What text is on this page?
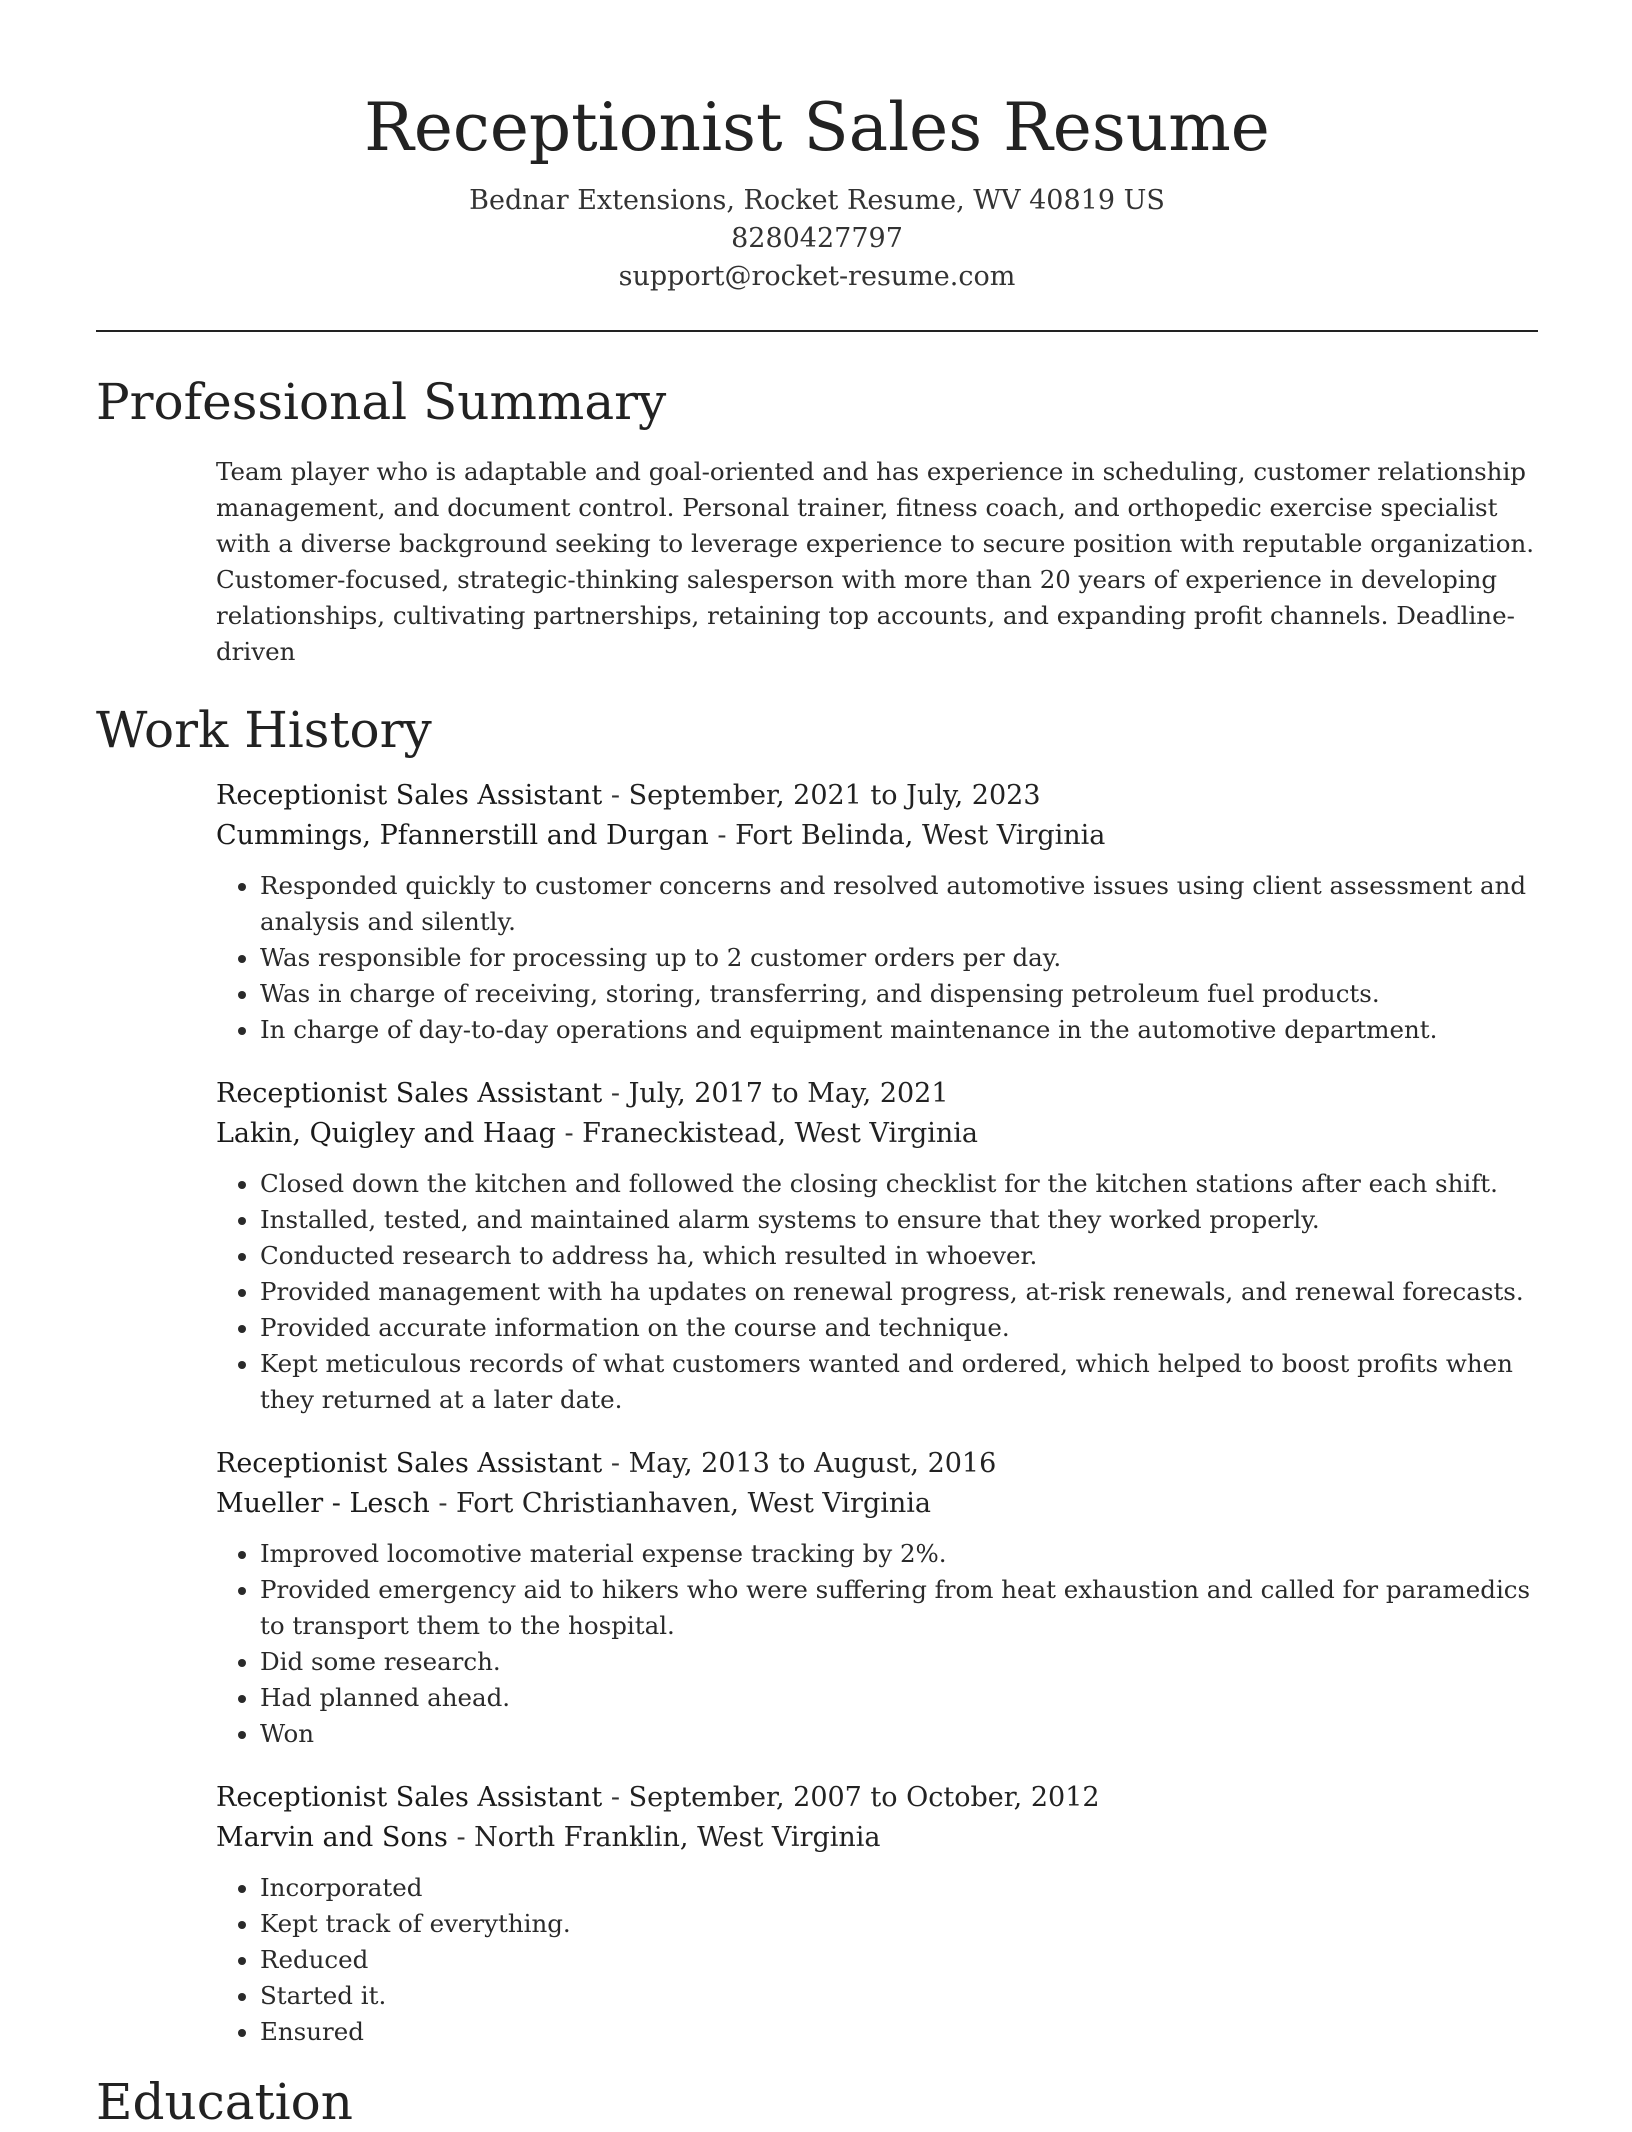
Receptionist Sales Resume

Bednar Extensions, Rocket Resume, WV 40819 US

8280427797

support@rocket-resume.com

Professional Summary

Team player who is adaptable and goal-oriented and has experience in scheduling, customer relationship management, and document control. Personal trainer, fitness coach, and orthopedic exercise specialist with a diverse background seeking to leverage experience to secure position with reputable organization. Customer-focused, strategic-thinking salesperson with more than 20 years of experience in developing relationships, cultivating partnerships, retaining top accounts, and expanding profit channels. Deadline-driven

Work History

Receptionist Sales Assistant - September, 2021 to July, 2023

Cummings, Pfannerstill and Durgan - Fort Belinda, West Virginia

• Responded quickly to customer concerns and resolved automotive issues using client assessment and analysis and silently.
• Was responsible for processing up to 2 customer orders per day.
• Was in charge of receiving, storing, transferring, and dispensing petroleum fuel products.
• In charge of day-to-day operations and equipment maintenance in the automotive department.

Receptionist Sales Assistant - July, 2017 to May, 2021

Lakin, Quigley and Haag - Franeckistead, West Virginia

• Closed down the kitchen and followed the closing checklist for the kitchen stations after each shift.
• Installed, tested, and maintained alarm systems to ensure that they worked properly.
• Conducted research to address ha, which resulted in whoever.
• Provided management with ha updates on renewal progress, at-risk renewals, and renewal forecasts.
• Provided accurate information on the course and technique.
• Kept meticulous records of what customers wanted and ordered, which helped to boost profits when they returned at a later date.

Receptionist Sales Assistant - May, 2013 to August, 2016

Mueller - Lesch - Fort Christianhaven, West Virginia

• Improved locomotive material expense tracking by 2%.
• Provided emergency aid to hikers who were suffering from heat exhaustion and called for paramedics to transport them to the hospital.
• Did some research.
• Had planned ahead.
• Won

Receptionist Sales Assistant - September, 2007 to October, 2012

Marvin and Sons - North Franklin, West Virginia

• Incorporated
• Kept track of everything.
• Reduced
• Started it.
• Ensured
Education
